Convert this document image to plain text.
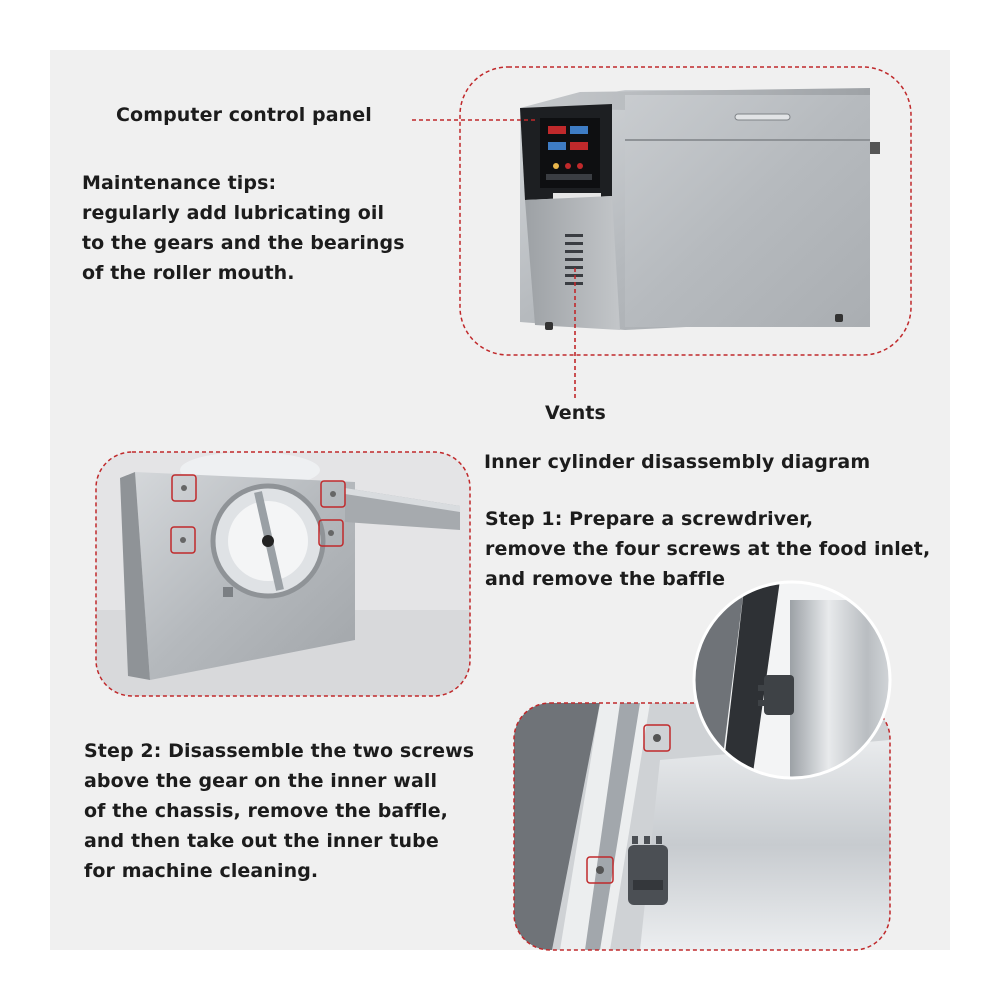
Computer control panel
Maintenance tips:
regularly add lubricating oil
to the gears and the bearings
of the roller mouth.
Vents
Inner cylinder disassembly diagram
Step 1: Prepare a screwdriver,
remove the four screws at the food inlet,
and remove the baffle
Step 2: Disassemble the two screws
above the gear on the inner wall
of the chassis, remove the baffle,
and then take out the inner tube
for machine cleaning.
